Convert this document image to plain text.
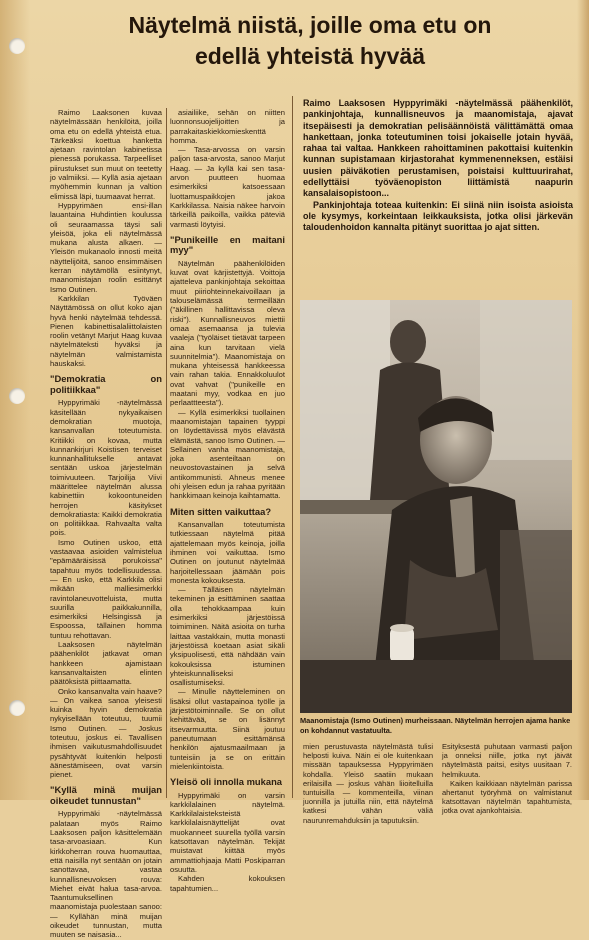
Näytelmä niistä, joille oma etu on edellä yhteistä hyvää

Raimo Laaksonen kuvaa näytelmässään henkilöitä, joilla oma etu on edellä yhteistä etua. Tärkeäksi koettua hanketta ajetaan ravintolan kabinetissa pienessä porukassa. Tarpeelliset piirustukset sun muut on teetetty jo valmiiksi. — Kyllä asia ajetaan myöhemmin kunnan ja valtion elimissä läpi, tuumaavat herrat.

Hyppyrimäen ensi-illan lauantaina Huhdintien koulussa oli seuraamassa täysi sali yleisöä, joka eli näytelmässä mukana alusta alkaen. — Yleisön mukanaolo innosti meitä näyttelijöitä, sanoo ensimmäisen kerran näytämöllä esiintynyt, maanomistajan roolin esittänyt Ismo Outinen.

Karkkilan Työväen Näyttämössä on ollut koko ajan hyvä henki näytelmää tehdessä. Pienen kabinettisalaliittolaisten roolin vetänyt Marjut Haag kuvaa näytelmäteksti hyväksi ja näytelmän valmistamista hauskaksi.

"Demokratia on politiikkaa"

Hyppyrimäki -näytelmässä käsitellään nykyaikaisen demokratian muotoja, kansanvallan toteutumista. Kritiikki on kovaa, mutta kunnankirjuri Koistisen terveiset kunnanhallitukselle antavat sentään uskoa järjestelmän toimivuuteen. Tarjoilija Viivi määrittelee näytelmän alussa kabinettiin kokoontuneiden herrojen käsitykset demokratiasta: Kaikki demokratia on politiikkaa. Rahvaalta valta pois.

Ismo Outinen uskoo, että vastaavaa asioiden valmistelua "epämääräisissä porukoissa" tapahtuu myös todellisuudessa. — En usko, että Karkkila olisi mikään malliesimerkki ravintolaneuvotteluista, mutta suurilla paikkakunnilla, esimerkiksi Helsingissä ja Espoossa, tällainen homma tuntuu rehottavan.

Laaksosen näytelmän päähenkilöt jatkavat oman hankkeen ajamistaan kansanvaltaisten elinten päätöksistä piittaamatta.

Onko kansanvalta vain haave? — On vaikea sanoa yleisesti kuinka hyvin demokratia nykyisellään toteutuu, tuumii Ismo Outinen. — Joskus toteutuu, joskus ei. Tavallisen ihmisen vaikutusmahdollisuudet pysähtyvät kuitenkin helposti äänestämiseen, ovat varsin pienet.

"Kyllä minä muijan oikeudet tunnustan"

Hyppyrimäki -näytelmässä palataan myös Raimo Laaksosen paljon käsittelemään tasa-arvoasiaan. Kun kirkkoherran rouva huomauttaa, että naisilla nyt sentään on jotain sanottavaa, vastaa kunnallisneuvoksen rouva: Miehet eivät halua tasa-arvoa. Taantumuksellinen maanomistaja puolestaan sanoo: — Kyllähän minä muijan oikeudet tunnustan, mutta muuten se naisasia...

asiailiike, sehän on niitten luonnonsuojelijoitten ja parrakaitaskiekkomieskenttä homma.

— Tasa-arvossa on varsin paljon tasa-arvosta, sanoo Marjut Haag. — Ja kyllä kai sen tasa-arvon puutteen huomaa esimerkiksi katsoessaan luottamuspaikkojen jakoa Karkkilassa. Naisia näkee harvoin tärkeillä paikoilla, vaikka päteviä varmasti löytyisi.

"Punikeille en maitani myy"

Näytelmän päähenkilöiden kuvat ovat kärjistettyjä. Voittoja ajatteleva pankinjohtaja sekoittaa muut piiriohteinnekaivoillaan ja talouselämässä termeillään ("äkillinen hallittavissa oleva riski"). Kunnallisneuvos miettii omaa asemaansa ja tulevia vaaleja ("työläiset tietävät tarpeen aina kun tarvitaan vielä suunnitelmia"). Maanomistaja on mukana yhteisessä hankkeessa vain rahan takia. Ennakkoluulot ovat vahvat ("punikeille en maatani myy, vodkaa en juo perlaattteesta").

— Kyllä esimerkiksi tuollainen maanomistajan tapainen tyyppi on löydettävissä myös elävästä elämästä, sanoo Ismo Outinen. — Sellainen vanha maanomistaja, joka asenteiltaan on neuvostovastainen ja selvä antikommunisti. Ahneus menee ohi yleisen edun ja rahaa pyritään hankkimaan keinoja kaihtamatta.

Miten sitten vaikuttaa?

Kansanvallan toteutumista tutkiessaan näytelmä pitää ajattelemaan myös keinoja, joilla ihminen voi vaikuttaa. Ismo Outinen on joutunut näytelmää harjoitellessaan jäämään pois monesta kokouksesta.

— Tälläisen näytelmän tekeminen ja esittäminen saattaa olla tehokkaampaa kuin esimerkiksi järjestöissä toimiminen. Näitä asioita on turha laittaa vastakkain, mutta monasti järjestöissä koetaan asiat sikäli yksipuolisesti, että nähdään vain kokouksissa istuminen yhteiskunnalliseksi osallistumiseksi.

— Minulle näytteleminen on lisäksi ollut vastapainoa työlle ja järjestötoiminnalle. Se on ollut kehittävää, se on lisännyt itsevarmuutta. Siinä joutuu paneutumaan esittämänsä henkilön ajatusmaailmaan ja tunteisiin ja se on erittäin mielenkiintoista.

Yleisö oli innolla mukana

Hyppyrimäki on varsin karkkilalainen näytelmä. Karkkilalaisteksteistä karkkilalaisnäyttelijät ovat muokanneet suurella työllä varsin katsottavan näytelmän. Tekijät muistavat kiittää myös ammattiohjaaja Matti Poskiparran osuutta.

Kahden kokouksen tapahtumien...

Raimo Laaksosen Hyppyrimäki -näytelmässä päähenkilöt, pankinjohtaja, kunnallisneuvos ja maanomistaja, ajavat itsepäisesti ja demokratian pelisäännöistä välittämättä omaa hankettaan, jonka toteutuminen toisi jokaiselle jotain hyvää, rahaa tai valtaa. Hankkeen rahoittaminen pakottaisi kuitenkin kunnan supistamaan kirjastorahat kymmenenneksen, estäisi uusien päiväkotien perustamisen, poistaisi kulttuurirahat, edellyttäisi työväenopiston liittämistä naapurin kansalaisopistoon...

Pankinjohtaja toteaa kuitenkin: Ei siinä niin isoista asioista ole kysymys, korkeintaan leikkauksista, jotka olisi järkevän taloudenhoidon kannalta pitänyt suorittaa jo ajat sitten.

Maanomistaja (Ismo Outinen) murheissaan. Näytelmän herrojen ajama hanke on kohdannut vastatuulta.

mien perustuvasta näytelmästä tulisi helposti kuiva. Näin ei ole kuitenkaan missään tapauksessa Hyppyrimäen kohdalla. Yleisö saatiin mukaan erilaisilla — joskus vähän liioitelluilla tuntuisilla — kommenteilla, viinan juonnilla ja jutuilla niin, että näytelmä katkesi vähän väliä naurunremahduksiin ja taputuksiin.

Esityksestä puhutaan varmasti paljon ja onneksi niille, jotka nyt jäivät näytelmästä paitsi, esitys uusitaan 7. helmikuuta.

Kaiken kaikkiaan näytelmän parissa ahertanut työryhmä on valmistanut katsottavan näytelmän tapahtumista, jotka ovat ajankohtaisia.
